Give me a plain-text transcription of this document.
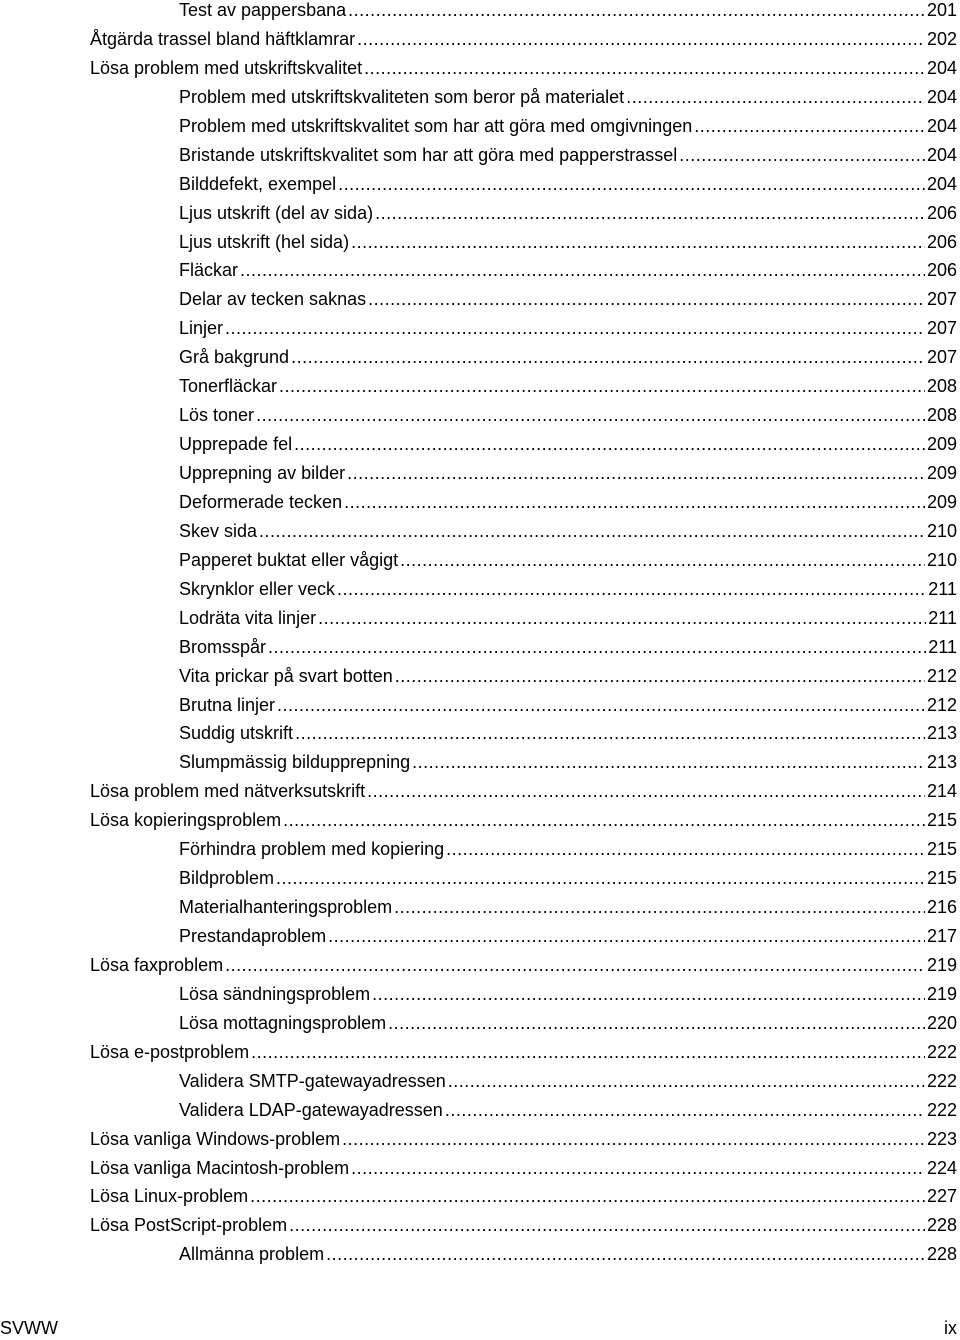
Test av pappersbana .....	201
Åtgärda trassel bland häftklamrar .....	202
Lösa problem med utskriftskvalitet .....	204
Problem med utskriftskvaliteten som beror på materialet .....	204
Problem med utskriftskvalitet som har att göra med omgivningen .....	204
Bristande utskriftskvalitet som har att göra med papperstrassel .....	204
Bilddefekt, exempel .....	204
Ljus utskrift (del av sida) .....	206
Ljus utskrift (hel sida) .....	206
Fläckar .....	206
Delar av tecken saknas .....	207
Linjer .....	207
Grå bakgrund .....	207
Tonerfläckar .....	208
Lös toner .....	208
Upprepade fel .....	209
Upprepning av bilder .....	209
Deformerade tecken .....	209
Skev sida .....	210
Papperet buktat eller vågigt .....	210
Skrynklor eller veck .....	211
Lodräta vita linjer .....	211
Bromsspår .....	211
Vita prickar på svart botten .....	212
Brutna linjer .....	212
Suddig utskrift .....	213
Slumpmässig bildupprepning .....	213
Lösa problem med nätverksutskrift .....	214
Lösa kopieringsproblem .....	215
Förhindra problem med kopiering .....	215
Bildproblem .....	215
Materialhanteringsproblem .....	216
Prestandaproblem .....	217
Lösa faxproblem .....	219
Lösa sändningsproblem .....	219
Lösa mottagningsproblem .....	220
Lösa e-postproblem .....	222
Validera SMTP-gatewayadressen .....	222
Validera LDAP-gatewayadressen .....	222
Lösa vanliga Windows-problem .....	223
Lösa vanliga Macintosh-problem .....	224
Lösa Linux-problem .....	227
Lösa PostScript-problem .....	228
Allmänna problem .....	228
SVWW	ix
